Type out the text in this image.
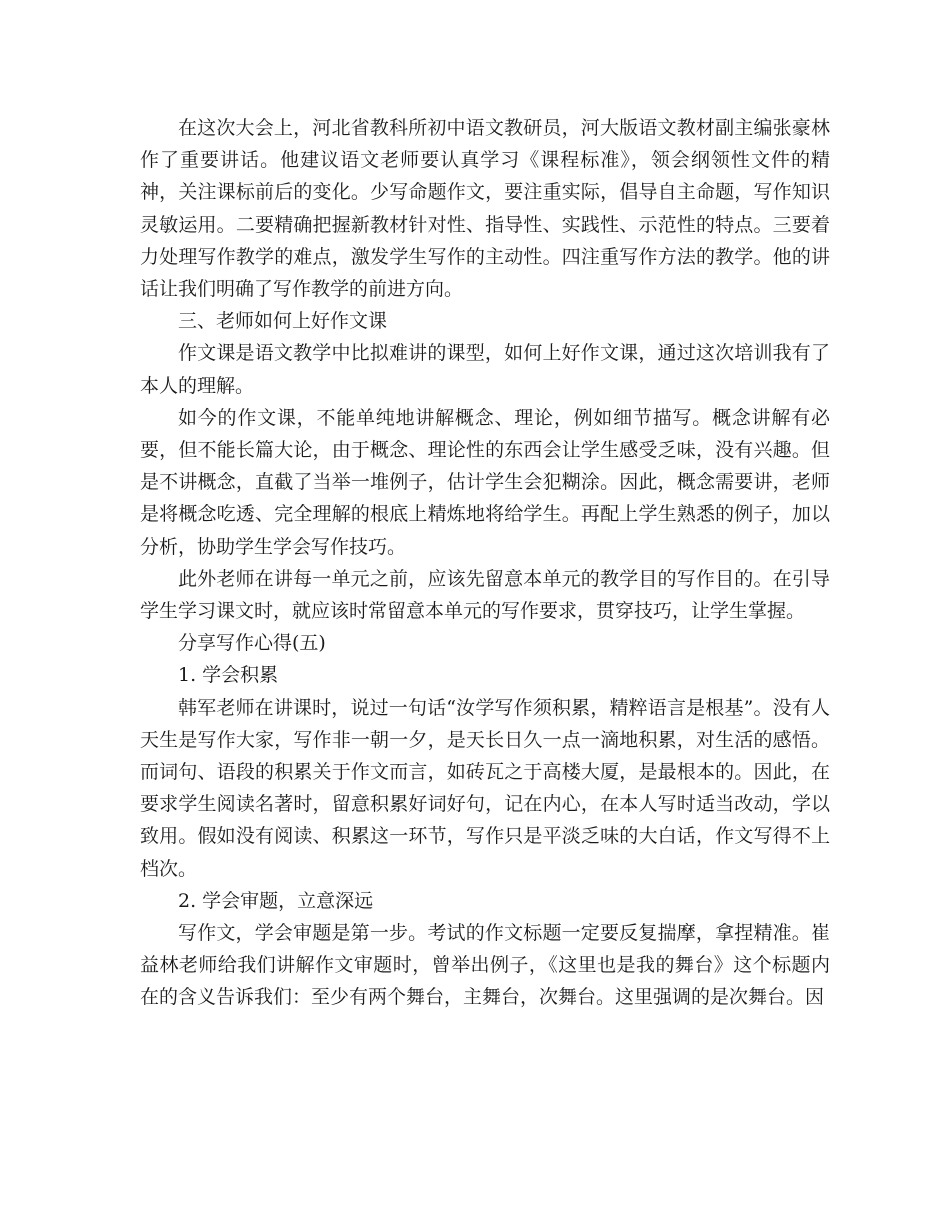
在这次大会上，河北省教科所初中语文教研员，河大版语文教材副主编张豪林作了重要讲话。他建议语文老师要认真学习《课程标准》，领会纲领性文件的精神，关注课标前后的变化。少写命题作文，要注重实际，倡导自主命题，写作知识灵敏运用。二要精确把握新教材针对性、指导性、实践性、示范性的特点。三要着力处理写作教学的难点，激发学生写作的主动性。四注重写作方法的教学。他的讲话让我们明确了写作教学的前进方向。

三、老师如何上好作文课

作文课是语文教学中比拟难讲的课型，如何上好作文课，通过这次培训我有了本人的理解。

如今的作文课，不能单纯地讲解概念、理论，例如细节描写。概念讲解有必要，但不能长篇大论，由于概念、理论性的东西会让学生感受乏味，没有兴趣。但是不讲概念，直截了当举一堆例子，估计学生会犯糊涂。因此，概念需要讲，老师是将概念吃透、完全理解的根底上精炼地将给学生。再配上学生熟悉的例子，加以分析，协助学生学会写作技巧。

此外老师在讲每一单元之前，应该先留意本单元的教学目的写作目的。在引导学生学习课文时，就应该时常留意本单元的写作要求，贯穿技巧，让学生掌握。

分享写作心得(五)

1. 学会积累

韩军老师在讲课时，说过一句话“汝学写作须积累，精粹语言是根基”。没有人天生是写作大家，写作非一朝一夕，是天长日久一点一滴地积累，对生活的感悟。而词句、语段的积累关于作文而言，如砖瓦之于高楼大厦，是最根本的。因此，在要求学生阅读名著时，留意积累好词好句，记在内心，在本人写时适当改动，学以致用。假如没有阅读、积累这一环节，写作只是平淡乏味的大白话，作文写得不上档次。

2. 学会审题，立意深远

写作文，学会审题是第一步。考试的作文标题一定要反复揣摩，拿捏精准。崔益林老师给我们讲解作文审题时，曾举出例子，《这里也是我的舞台》这个标题内在的含义告诉我们：至少有两个舞台，主舞台，次舞台。这里强调的是次舞台。因
